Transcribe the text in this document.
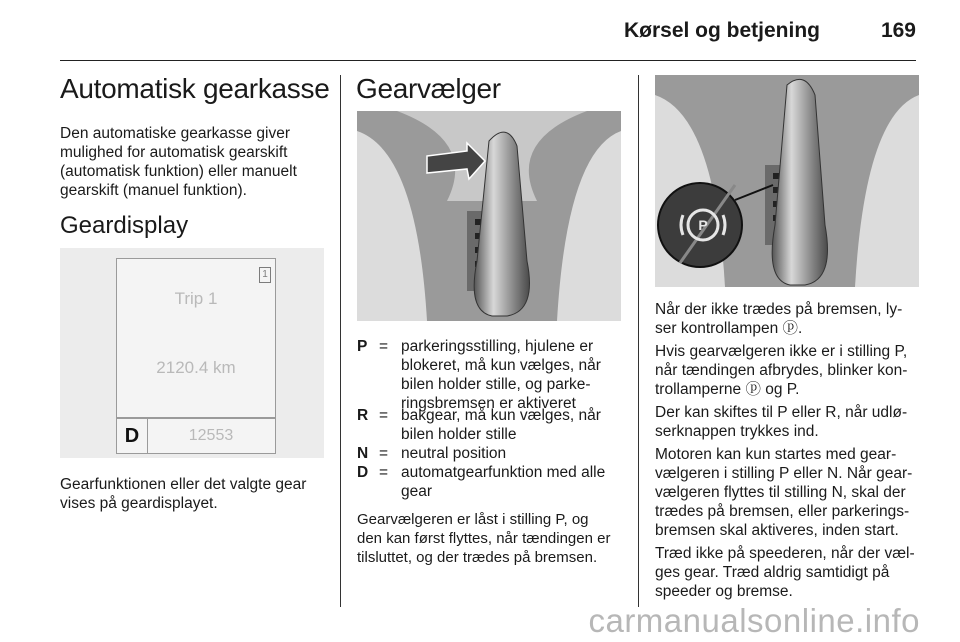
Kørsel og betjening	169
Automatisk gearkasse
Den automatiske gearkasse giver
mulighed for automatisk gearskift
(automatisk funktion) eller manuelt
gearskift (manuel funktion).
Geardisplay
1
Trip 1
2120.4 km
D	12553
Gearfunktionen eller det valgte gear
vises på geardisplayet.
Gearvælger
P = parkeringsstilling, hjulene er
blokeret, må kun vælges, når
bilen holder stille, og parke-
ringsbremsen er aktiveret
R = bakgear, må kun vælges, når
bilen holder stille
N = neutral position
D = automatgearfunktion med alle
gear
Gearvælgeren er låst i stilling P, og
den kan først flyttes, når tændingen er
tilsluttet, og der trædes på bremsen.
P

Når der ikke trædes på bremsen, ly-
ser kontrollampen ⓟ.

Hvis gearvælgeren ikke er i stilling P,
når tændingen afbrydes, blinker kon-
trollamperne ⓟ og P.

Der kan skiftes til P eller R, når udlø-
serknappen trykkes ind.

Motoren kan kun startes med gear-
vælgeren i stilling P eller N. Når gear-
vælgeren flyttes til stilling N, skal der
trædes på bremsen, eller parkerings-
bremsen skal aktiveres, inden start.

Træd ikke på speederen, når der væl-
ges gear. Træd aldrig samtidigt på
speeder og bremse.

carmanualsonline.info
